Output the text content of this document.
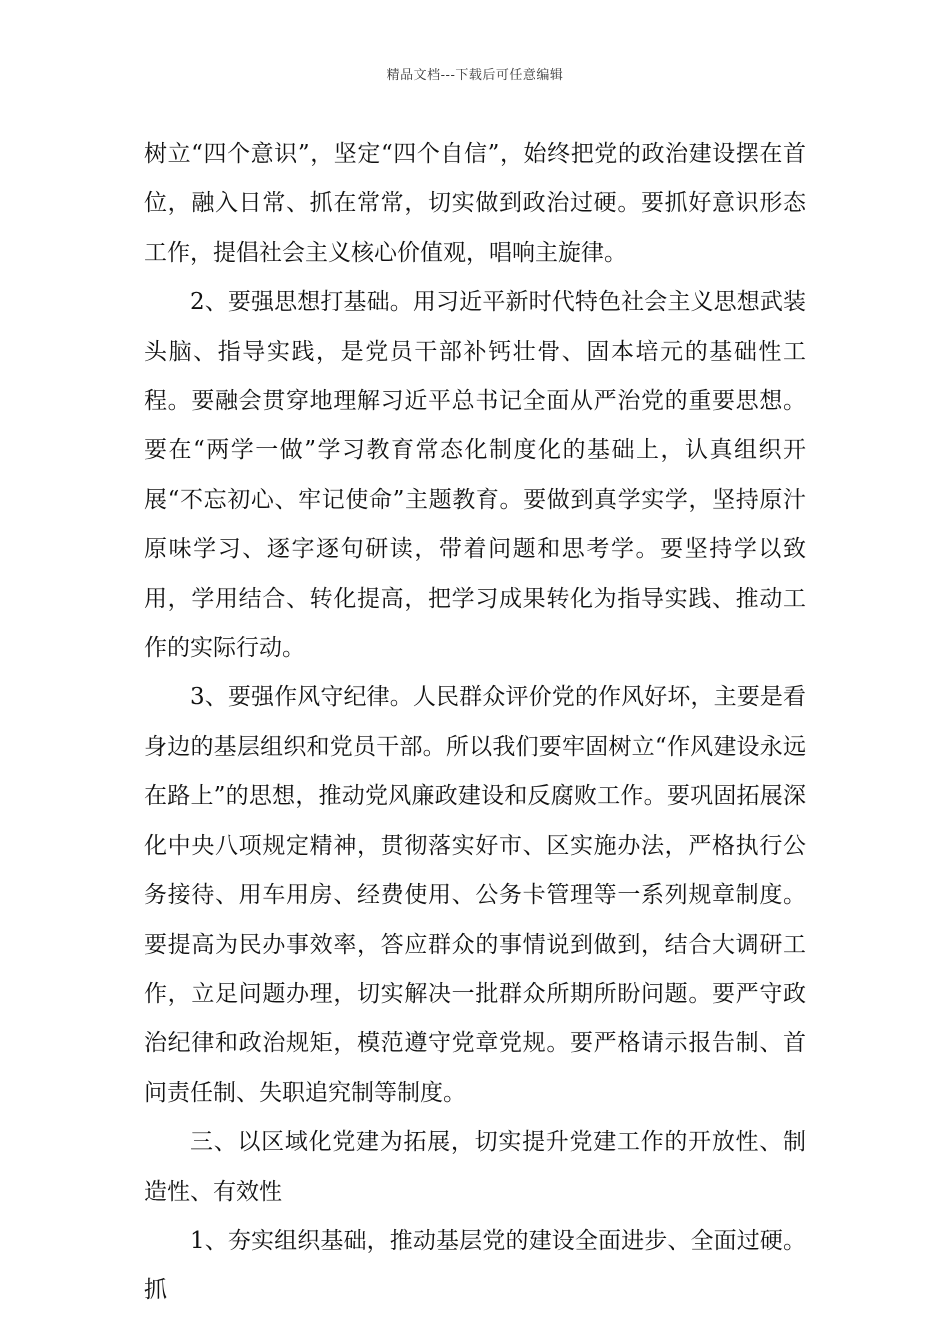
精品文档---下载后可任意编辑

树立“四个意识”，坚定“四个自信”，始终把党的政治建设摆在首位，融入日常、抓在常常，切实做到政治过硬。要抓好意识形态工作，提倡社会主义核心价值观，唱响主旋律。

2、要强思想打基础。用习近平新时代特色社会主义思想武装头脑、指导实践，是党员干部补钙壮骨、固本培元的基础性工程。要融会贯穿地理解习近平总书记全面从严治党的重要思想。要在“两学一做”学习教育常态化制度化的基础上，认真组织开展“不忘初心、牢记使命”主题教育。要做到真学实学，坚持原汁原味学习、逐字逐句研读，带着问题和思考学。要坚持学以致用，学用结合、转化提高，把学习成果转化为指导实践、推动工作的实际行动。

3、要强作风守纪律。人民群众评价党的作风好坏，主要是看身边的基层组织和党员干部。所以我们要牢固树立“作风建设永远在路上”的思想，推动党风廉政建设和反腐败工作。要巩固拓展深化中央八项规定精神，贯彻落实好市、区实施办法，严格执行公务接待、用车用房、经费使用、公务卡管理等一系列规章制度。要提高为民办事效率，答应群众的事情说到做到，结合大调研工作，立足问题办理，切实解决一批群众所期所盼问题。要严守政治纪律和政治规矩，模范遵守党章党规。要严格请示报告制、首问责任制、失职追究制等制度。

三、以区域化党建为拓展，切实提升党建工作的开放性、制造性、有效性

1、夯实组织基础，推动基层党的建设全面进步、全面过硬。抓
